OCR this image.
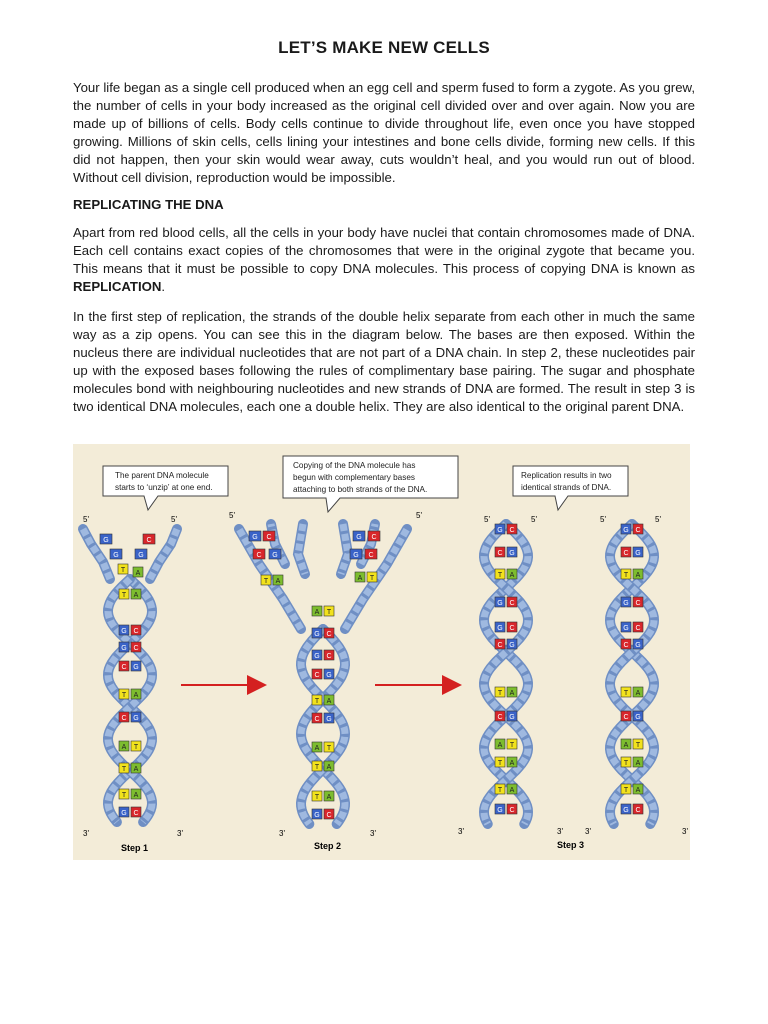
LET’S MAKE NEW CELLS

Your life began as a single cell produced when an egg cell and sperm fused to form a zygote. As you grew, the number of cells in your body increased as the original cell divided over and over again. Now you are made up of billions of cells. Body cells continue to divide throughout life, even once you have stopped growing. Millions of skin cells, cells lining your intestines and bone cells divide, forming new cells. If this did not happen, then your skin would wear away, cuts wouldn’t heal, and you would run out of blood. Without cell division, reproduction would be impossible.

REPLICATING THE DNA

Apart from red blood cells, all the cells in your body have nuclei that contain chromosomes made of DNA. Each cell contains exact copies of the chromosomes that were in the original zygote that became you. This means that it must be possible to copy DNA molecules. This process of copying DNA is known as REPLICATION.

In the first step of replication, the strands of the double helix separate from each other in much the same way as a zip opens. You can see this in the diagram below. The bases are then exposed. Within the nucleus there are individual nucleotides that are not part of a DNA chain. In step 2, these nucleotides pair up with the exposed bases following the rules of complimentary base pairing. The sugar and phosphate molecules bond with neighbouring nucleotides and new strands of DNA are formed. The result in step 3 is two identical DNA molecules, each one a double helix. They are also identical to the original parent DNA.

G	C
G	G
T A
T A
G C
G C
C G
T A
C G
A T
T A
T A
G C
G C	G C
C G	G C
T A	A T
A T
G C
G C
C G
T A
C G
A T
T A
T A
G C
G C	G C
C G	C G
T A	T A
G C	G C
G C	G C
C G	C G
T A	T A
C G	C G
A T	A T
T A	T A
T A	T A
G C	G C
The parent DNA molecule
starts to ‘unzip’ at one end.
Copying of the DNA molecule has
begun with complementary bases
attaching to both strands of the DNA.
Replication results in two
identical strands of DNA.
5'	5'
3'	3'
5'	5'
3'	3'
5'	5'	5'	5'
3'	3'	3'	3'
Step 1	Step 2	Step 3
